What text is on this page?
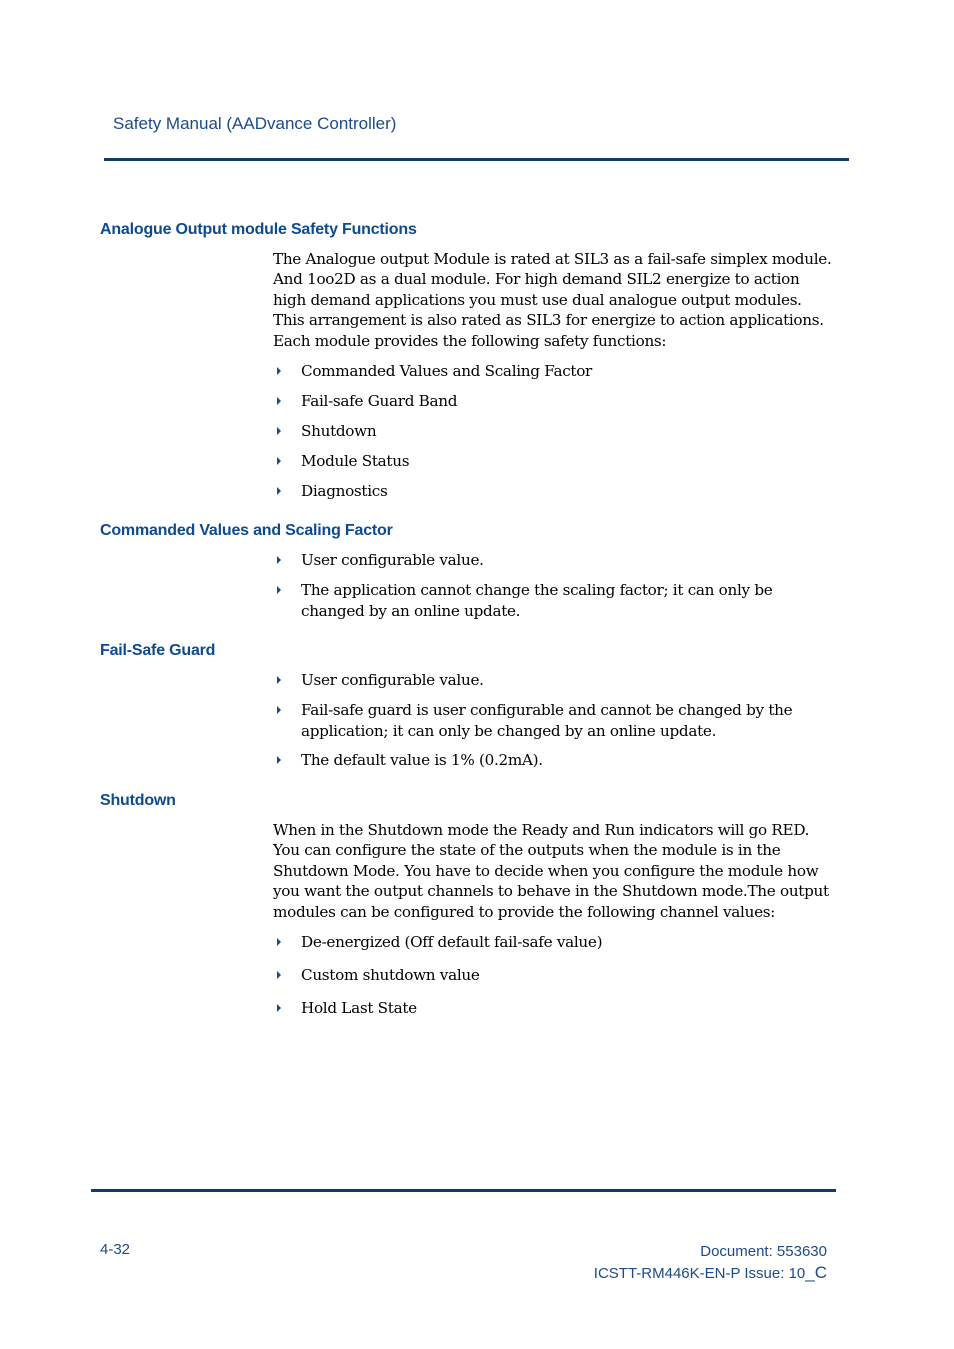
Safety Manual (AADvance Controller)
Analogue Output module Safety Functions

The Analogue output Module is rated at SIL3 as a fail-safe simplex module. And 1oo2D as a dual module. For high demand SIL2 energize to action high demand applications you must use dual analogue output modules. This arrangement is also rated as SIL3 for energize to action applications. Each module provides the following safety functions:

Commanded Values and Scaling Factor
Fail-safe Guard Band
Shutdown
Module Status
Diagnostics
Commanded Values and Scaling Factor
User configurable value.
The application cannot change the scaling factor; it can only be changed by an online update.
Fail-Safe Guard
User configurable value.
Fail-safe guard is user configurable and cannot be changed by the application; it can only be changed by an online update.
The default value is 1% (0.2mA).
Shutdown

When in the Shutdown mode the Ready and Run indicators will go RED. You can configure the state of the outputs when the module is in the Shutdown Mode. You have to decide when you configure the module how you want the output channels to behave in the Shutdown mode.The output modules can be configured to provide the following channel values:

De-energized (Off default fail-safe value)
Custom shutdown value
Hold Last State
4-32	Document: 553630
ICSTT-RM446K-EN-P Issue: 10_C
